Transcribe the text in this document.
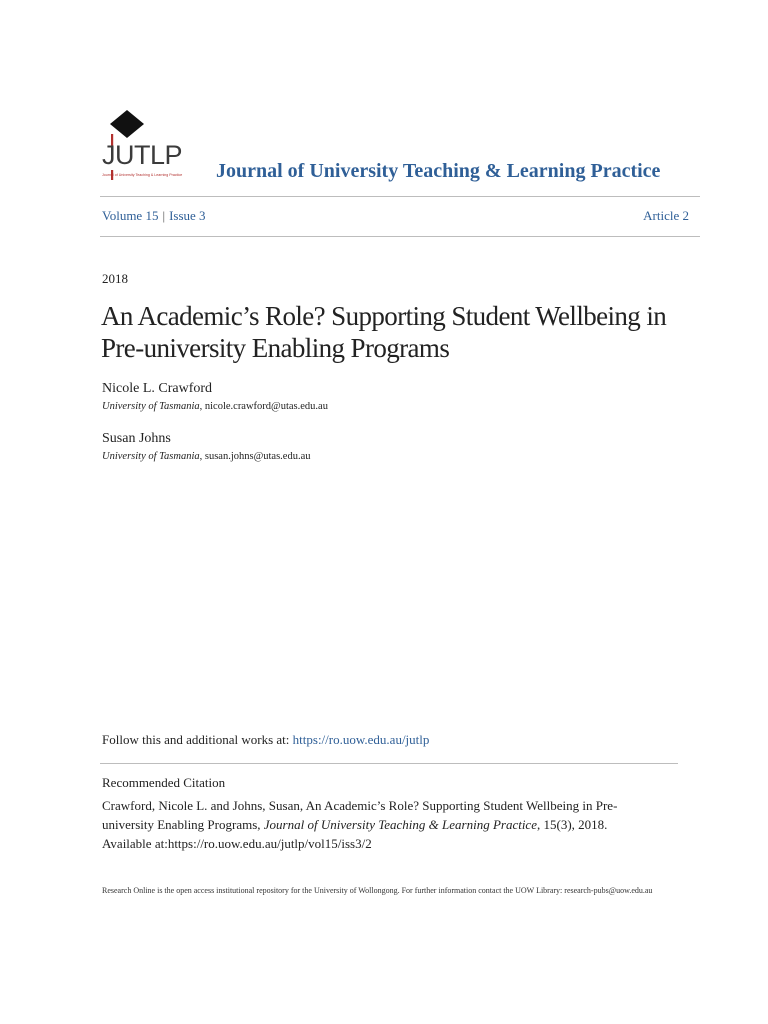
JUTLP
Journal of University Teaching & Learning Practice Journal of University Teaching & Learning Practice
Volume 15 | Issue 3	Article 2
2018
An Academic’s Role? Supporting Student Wellbeing in Pre-university Enabling Programs
Nicole L. Crawford
University of Tasmania, nicole.crawford@utas.edu.au
Susan Johns
University of Tasmania, susan.johns@utas.edu.au
Follow this and additional works at: https://ro.uow.edu.au/jutlp
Recommended Citation
Crawford, Nicole L. and Johns, Susan, An Academic’s Role? Supporting Student Wellbeing in Pre-university Enabling Programs, Journal of University Teaching & Learning Practice, 15(3), 2018.
Available at:https://ro.uow.edu.au/jutlp/vol15/iss3/2
Research Online is the open access institutional repository for the University of Wollongong. For further information contact the UOW Library: research-pubs@uow.edu.au
